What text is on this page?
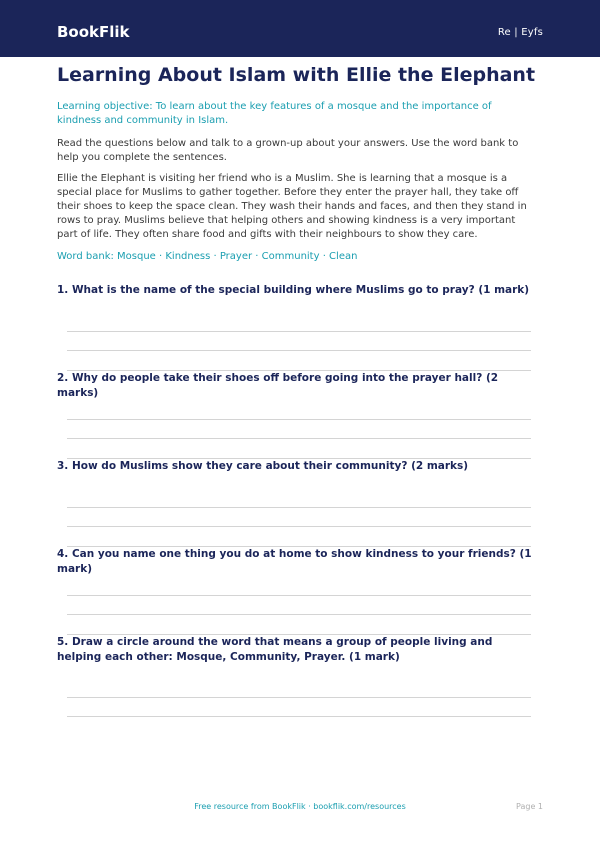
BookFlik	Re | Eyfs
Learning About Islam with Ellie the Elephant

Learning objective: To learn about the key features of a mosque and the importance of kindness and community in Islam.

Read the questions below and talk to a grown-up about your answers. Use the word bank to help you complete the sentences.

Ellie the Elephant is visiting her friend who is a Muslim. She is learning that a mosque is a special place for Muslims to gather together. Before they enter the prayer hall, they take off their shoes to keep the space clean. They wash their hands and faces, and then they stand in rows to pray. Muslims believe that helping others and showing kindness is a very important part of life. They often share food and gifts with their neighbours to show they care.

Word bank: Mosque · Kindness · Prayer · Community · Clean

1. What is the name of the special building where Muslims go to pray? (1 mark)

2. Why do people take their shoes off before going into the prayer hall? (2 marks)

3. How do Muslims show they care about their community? (2 marks)

4. Can you name one thing you do at home to show kindness to your friends? (1 mark)

5. Draw a circle around the word that means a group of people living and helping each other: Mosque, Community, Prayer. (1 mark)

Free resource from BookFlik · bookflik.com/resources	Page 1
